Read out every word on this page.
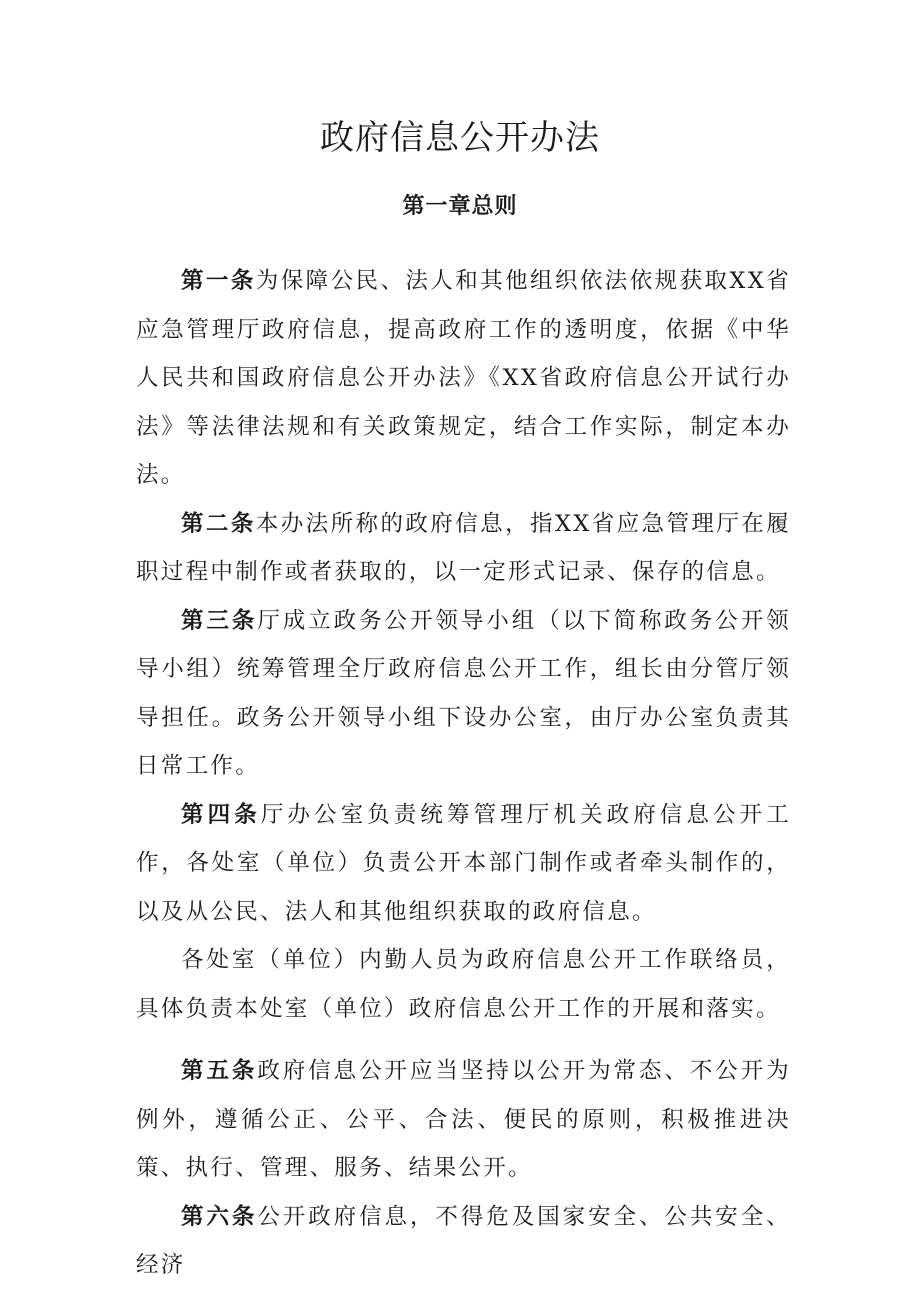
政府信息公开办法
第一章总则

第一条为保障公民、法人和其他组织依法依规获取XX省应急管理厅政府信息，提高政府工作的透明度，依据《中华人民共和国政府信息公开办法》《XX省政府信息公开试行办法》等法律法规和有关政策规定，结合工作实际，制定本办法。

第二条本办法所称的政府信息，指XX省应急管理厅在履职过程中制作或者获取的，以一定形式记录、保存的信息。

第三条厅成立政务公开领导小组（以下简称政务公开领导小组）统筹管理全厅政府信息公开工作，组长由分管厅领导担任。政务公开领导小组下设办公室，由厅办公室负责其日常工作。

第四条厅办公室负责统筹管理厅机关政府信息公开工作，各处室（单位）负责公开本部门制作或者牵头制作的，以及从公民、法人和其他组织获取的政府信息。

各处室（单位）内勤人员为政府信息公开工作联络员，具体负责本处室（单位）政府信息公开工作的开展和落实。

第五条政府信息公开应当坚持以公开为常态、不公开为例外，遵循公正、公平、合法、便民的原则，积极推进决策、执行、管理、服务、结果公开。

第六条公开政府信息，不得危及国家安全、公共安全、经济
